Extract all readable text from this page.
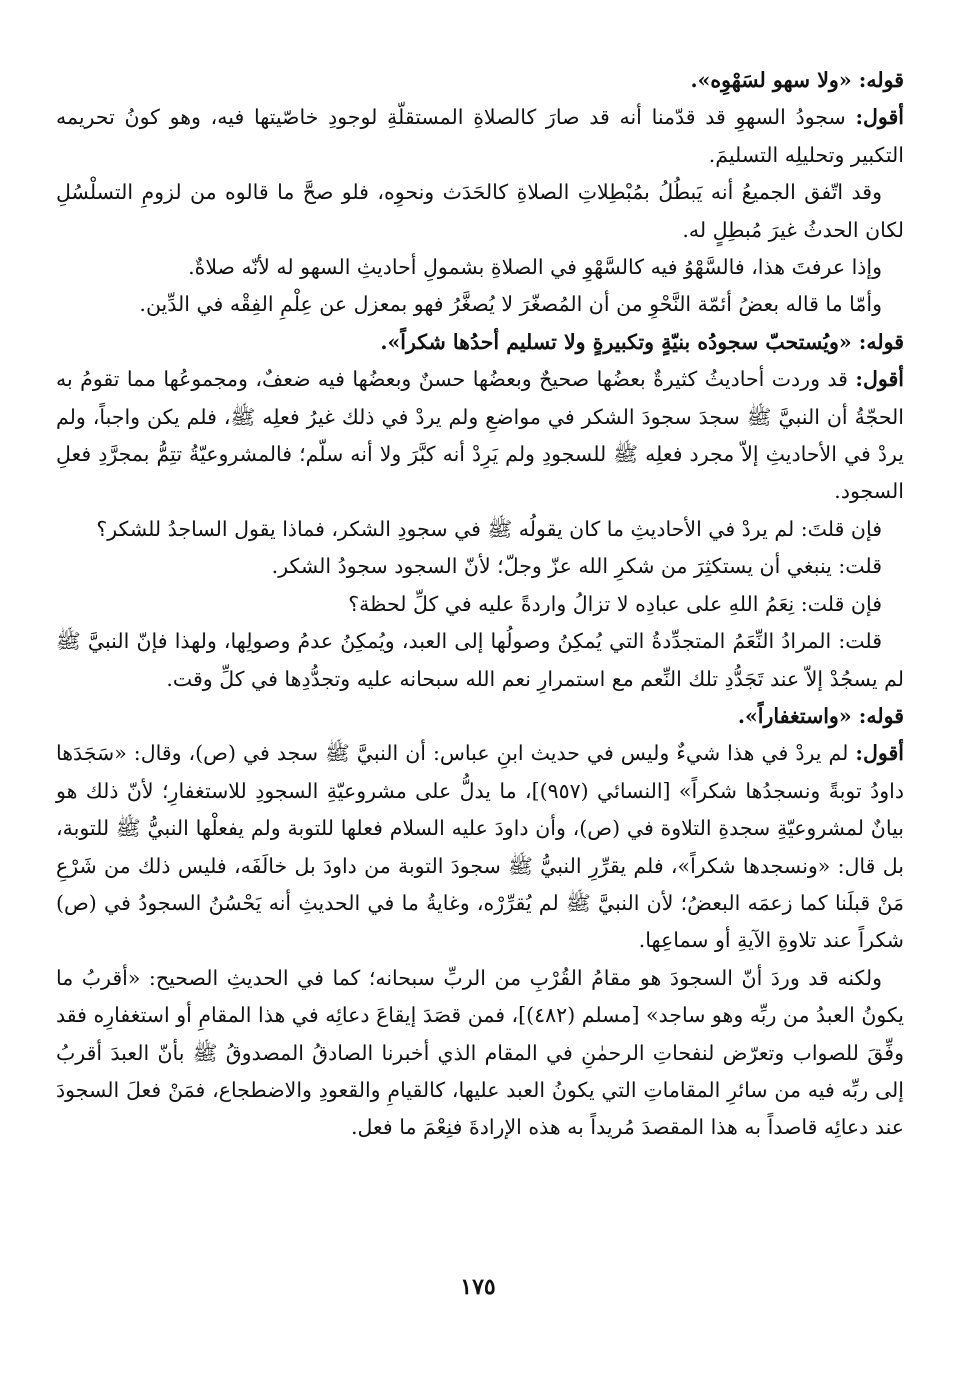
قوله: «ولا سهو لسَهْوِه».

أقول: سجودُ السهوِ قد قدّمنا أنه قد صارَ كالصلاةِ المستقلّةِ لوجودِ خاصّيتها فيه، وهو كونُ تحريمه التكبير وتحليلِه التسليمَ.

وقد اتّفق الجميعُ أنه يَبطُلُ بمُبْطِلاتِ الصلاةِ كالحَدَث ونحوِه، فلو صحَّ ما قالوه من لزومِ التسلْسُلِ لكان الحدثُ غيرَ مُبطِلٍ له.

وإذا عرفتَ هذا، فالسَّهْوُ فيه كالسَّهْوِ في الصلاةِ بشمولِ أحاديثِ السهو له لأنّه صلاةٌ.

وأمّا ما قاله بعضُ أئمّة النَّحْوِ من أن المُصغّرَ لا يُصغَّرُ فهو بمعزل عن عِلْمِ الفِقْه في الدِّين.

قوله: «ويُستحبّ سجودُه بنيّةٍ وتكبيرةٍ ولا تسليم أحدُها شكراً».

أقول: قد وردت أحاديثُ كثيرةٌ بعضُها صحيحٌ وبعضُها حسنٌ وبعضُها فيه ضعفٌ، ومجموعُها مما تقومُ به الحجّةُ أن النبيَّ ﷺ سجدَ سجودَ الشكر في مواضعِ ولم يردْ في ذلك غيرُ فعلِه ﷺ، فلم يكن واجباً، ولم يردْ في الأحاديثِ إلاّ مجرد فعلِه ﷺ للسجودِ ولم يَرِدْ أنه كبَّرَ ولا أنه سلّم؛ فالمشروعيّةُ تتِمُّ بمجرَّدِ فعلِ السجود.

فإن قلتَ: لم يردْ في الأحاديثِ ما كان يقولُه ﷺ في سجودِ الشكر، فماذا يقول الساجدُ للشكر؟

قلت: ينبغي أن يستكثِرَ من شكرِ الله عزّ وجلّ؛ لأنّ السجود سجودُ الشكر.

فإن قلت: نِعَمُ اللهِ على عبادِه لا تزالُ واردةً عليه في كلِّ لحظة؟

قلت: المرادُ النِّعَمُ المتجدِّدةُ التي يُمكِنُ وصولُها إلى العبد، ويُمكِنُ عدمُ وصولِها، ولهذا فإنّ النبيَّ ﷺ لم يسجُدْ إلاّ عند تَجَدُّدِ تلك النِّعم مع استمرارِ نعم الله سبحانه عليه وتجدُّدِها في كلِّ وقت.

قوله: «واستغفاراً».

أقول: لم يردْ في هذا شيءٌ وليس في حديث ابنِ عباس: أن النبيَّ ﷺ سجد في (ص)، وقال: «سَجَدَها داودُ توبةً ونسجدُها شكراً» [النسائي (٩٥٧)]، ما يدلُّ على مشروعيّةِ السجودِ للاستغفارِ؛ لأنّ ذلك هو بيانٌ لمشروعيّةِ سجدةِ التلاوة في (ص)، وأن داودَ عليه السلام فعلها للتوبة ولم يفعلْها النبيُّ ﷺ للتوبة، بل قال: «ونسجدها شكراً»، فلم يقرِّرِ النبيُّ ﷺ سجودَ التوبة من داودَ بل خالَفَه، فليس ذلك من شَرْعِ مَنْ قبلَنا كما زعمَه البعضُ؛ لأن النبيَّ ﷺ لم يُقرِّرْه، وغايةُ ما في الحديثِ أنه يَحْسُنُ السجودُ في (ص) شكراً عند تلاوةِ الآيةِ أو سماعِها.

ولكنه قد وردَ أنّ السجودَ هو مقامُ القُرْبِ من الربِّ سبحانه؛ كما في الحديثِ الصحيح: «أقربُ ما يكونُ العبدُ من ربِّه وهو ساجد» [مسلم (٤٨٢)]، فمن قصَدَ إيقاعَ دعائِه في هذا المقامِ أو استغفارِه فقد وفِّقَ للصواب وتعرّض لنفحاتِ الرحمٰنِ في المقام الذي أخبرنا الصادقُ المصدوقُ ﷺ بأنّ العبدَ أقربُ إلى ربِّه فيه من سائرِ المقاماتِ التي يكونُ العبد عليها، كالقيامِ والقعودِ والاضطجاع، فمَنْ فعلَ السجودَ عند دعائِه قاصداً به هذا المقصدَ مُريداً به هذه الإرادةَ فنِعْمَ ما فعل.

١٧٥
